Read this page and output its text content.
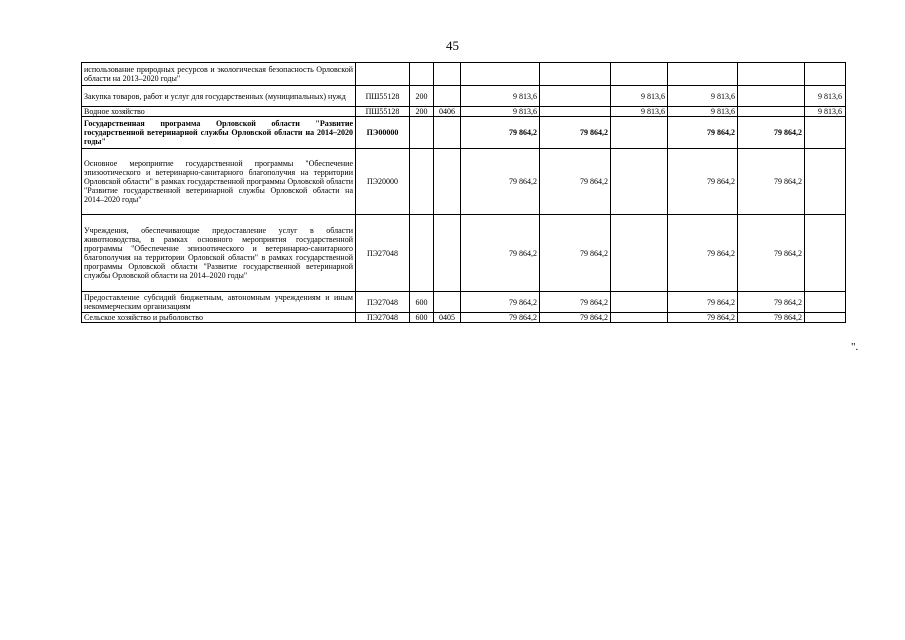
45
использование природных ресурсов и экологическая безопасность Орловской области на 2013–2020 годы"									
Закупка товаров, работ и услуг для государственных (муниципальных) нужд	ПШ55128	200		9 813,6		9 813,6	9 813,6		9 813,6
Водное хозяйство	ПШ55128	200	0406	9 813,6		9 813,6	9 813,6		9 813,6
Государственная программа Орловской области "Развитие государственной ветеринарной службы Орловской области на 2014–2020 годы"	ПЭ00000			79 864,2	79 864,2		79 864,2	79 864,2	
Основное мероприятие государственной программы "Обеспечение эпизоотического и ветеринарно-санитарного благополучия на территории Орловской области" в рамках государственной программы Орловской области "Развитие государственной ветеринарной службы Орловской области на 2014–2020 годы"	ПЭ20000			79 864,2	79 864,2		79 864,2	79 864,2	
Учреждения, обеспечивающие предоставление услуг в области животноводства, в рамках основного мероприятия государственной программы "Обеспечение эпизоотического и ветеринарно-санитарного благополучия на территории Орловской области" в рамках государственной программы Орловской области "Развитие государственной ветеринарной службы Орловской области на 2014–2020 годы"	ПЭ27048			79 864,2	79 864,2		79 864,2	79 864,2	
Предоставление субсидий бюджетным, автономным учреждениям и иным некоммерческим организациям	ПЭ27048	600		79 864,2	79 864,2		79 864,2	79 864,2	
Сельское хозяйство и рыболовство	ПЭ27048	600	0405	79 864,2	79 864,2		79 864,2	79 864,2	
".
